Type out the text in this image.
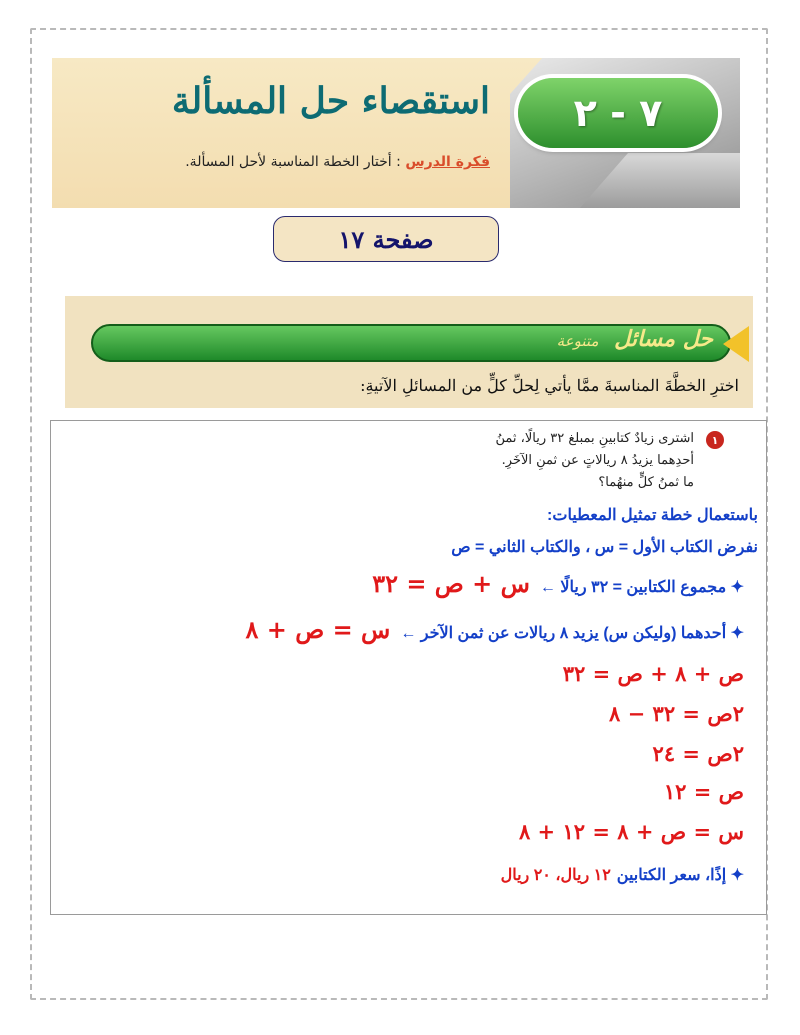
٧ - ٢
استقصاء حل المسألة
فكرة الدرس : أختار الخطة المناسبة لأحل المسألة.
صفحة ١٧
حل مسائل متنوعة
اخترِ الخطَّةَ المناسبةَ ممَّا يأتي لِحلِّ كلٍّ من المسائلِ الآتيةِ:
١
اشترى زيادٌ كتابينِ بمبلغ ٣٢ ريالًا، ثمنُ
أحدِهما يزيدُ ٨ ريالاتٍ عن ثمنِ الآخَرِ.
ما ثمنُ كلٍّ منهُما؟
باستعمال خطة تمثيل المعطيات:
نفرض الكتاب الأول = س ، والكتاب الثاني = ص
✦ مجموع الكتابين = ٣٢ ريالًا ←
س + ص = ٣٢
✦ أحدهما (وليكن س) يزيد ٨ ريالات عن ثمن الآخر ←
س = ص + ٨
ص + ٨ + ص = ٣٢
٢ص = ٣٢ − ٨
٢ص = ٢٤
ص = ١٢
س = ص + ٨ = ١٢ + ٨
✦ إذًا، سعر الكتابين
١٢ ريال، ٢٠ ريال
